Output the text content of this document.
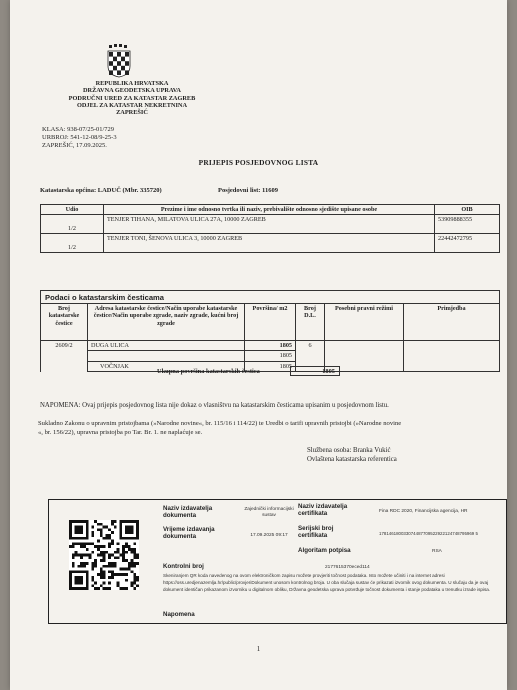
REPUBLIKA HRVATSKA
DRŽAVNA GEODETSKA UPRAVA
PODRUČNI URED ZA KATASTAR ZAGREB
ODJEL ZA KATASTAR NEKRETNINA
ZAPREŠIĆ
KLASA: 938-07/25-01/729
URBROJ: 541-12-08/9-25-3
ZAPREŠIĆ, 17.09.2025.
PRIJEPIS POSJEDOVNOG LISTA
Katastarska općina: LADUČ (Mbr. 335720)	Posjedovni list: 11609
Udio	Prezime i ime odnosno tvrtka ili naziv, prebivalište odnosno sjedište upisane osobe	OIB
1/2	TENJER TIHANA, MILATOVA ULICA 27A, 10000 ZAGREB	53909888355
1/2	TENJER TONI, ŠENOVA ULICA 3, 10000 ZAGREB	22442472795
Podaci o katastarskim česticama
Broj katastarske čestice	Adresa katastarske čestice/Način uporabe katastarske čestice/Način uporabe zgrade, naziv zgrade, kućni broj zgrade	Površina/ m2	Broj D.L.	Posebni pravni režimi	Primjedba
2609/2	DUGA ULICA	1805	6		
		1805			
	VOČNJAK	1805			
Ukupna površina katastarskih čestica	1805
NAPOMENA: Ovaj prijepis posjedovnog lista nije dokaz o vlasništvu na katastarskim česticama upisanim u posjedovnom listu.
Sukladno Zakonu o upravnim pristojbama (»Narodne novine«, br. 115/16 i 114/22) te Uredbi o tarifi upravnih pristojbi (»Narodne novine
«, br. 156/22), upravna pristojba po Tar. Br. 1. ne naplaćuje se.
Službena osoba: Branka Vukić
Ovlaštena katastarska referentica
Naziv izdavatelja dokumenta
Zajednički informacijski sustav
Vrijeme izdavanja dokumenta	17.09.2025 09:17
Naziv izdavatelja certifikata	Fina RDC 2020, Financijska agencija, HR
Serijski broj certifikata	178146180033074487709522922124748795969 5
Algoritam potpisa	RSA
Kontrolni broj	2177615370eced114
Skeniranjem QR koda navedenog na ovom elektroničkom zapisu možete provjeriti točnost podataka. Isto možete učiniti i na internet adresi https://oss.uredjenazemlja.hr/public/provjeriDokument unosom kontrolnog broja. U oba slučaja sustav će prikazati izvornik ovog dokumenta. U slučaju da je ovaj dokument identičan prikazanom izvorniku u digitalnom obliku, Državna geodetska uprava potvrđuje točnost dokumenta i stanje podataka u trenutku izrade ispisa.
Napomena
1
